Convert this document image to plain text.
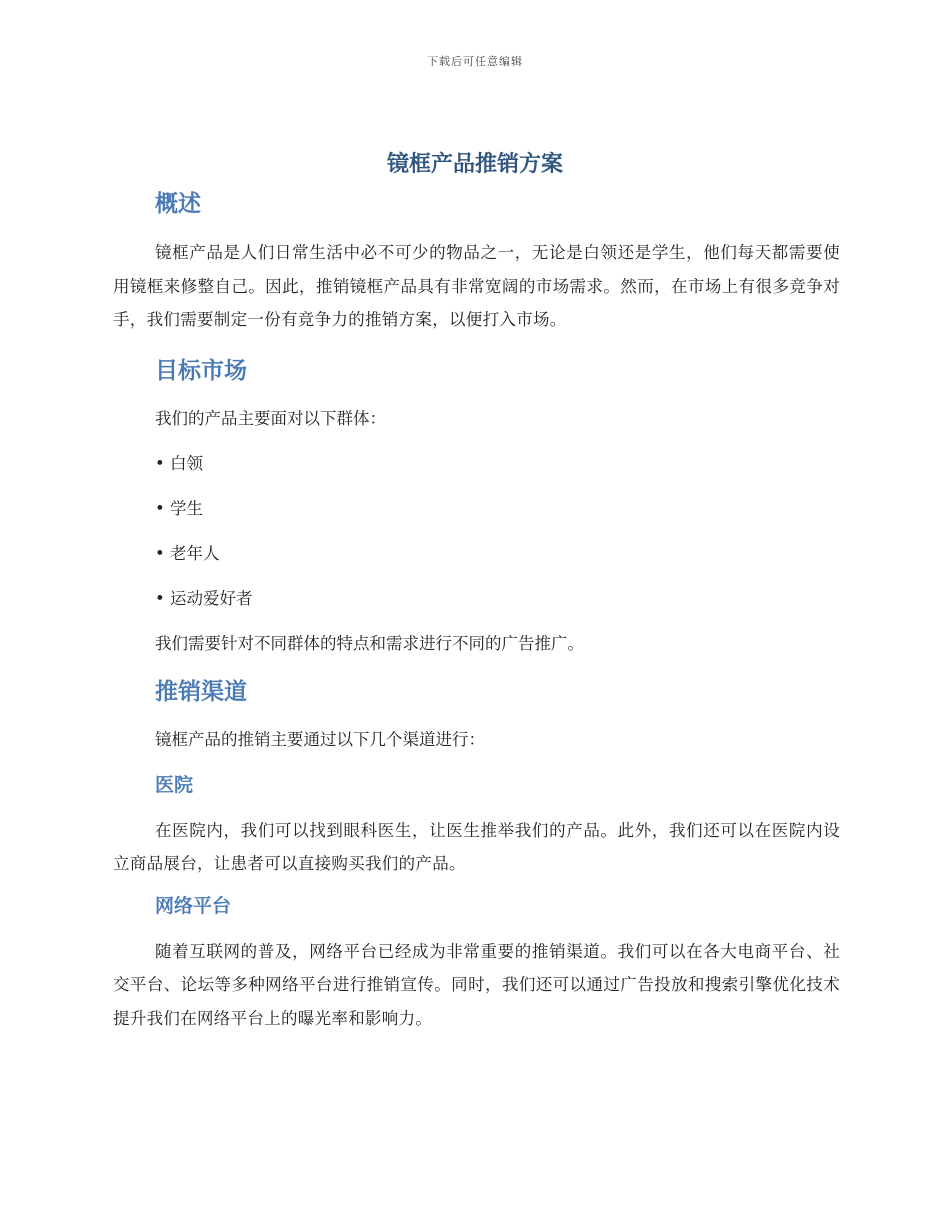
下载后可任意编辑
镜框产品推销方案
概述

镜框产品是人们日常生活中必不可少的物品之一，无论是白领还是学生，他们每天都需要使用镜框来修整自己。因此，推销镜框产品具有非常宽阔的市场需求。然而，在市场上有很多竞争对手，我们需要制定一份有竞争力的推销方案，以便打入市场。

目标市场

我们的产品主要面对以下群体：

• 白领
• 学生
• 老年人
• 运动爱好者

我们需要针对不同群体的特点和需求进行不同的广告推广。

推销渠道

镜框产品的推销主要通过以下几个渠道进行：

医院

在医院内，我们可以找到眼科医生，让医生推举我们的产品。此外，我们还可以在医院内设立商品展台，让患者可以直接购买我们的产品。

网络平台

随着互联网的普及，网络平台已经成为非常重要的推销渠道。我们可以在各大电商平台、社交平台、论坛等多种网络平台进行推销宣传。同时，我们还可以通过广告投放和搜索引擎优化技术提升我们在网络平台上的曝光率和影响力。
